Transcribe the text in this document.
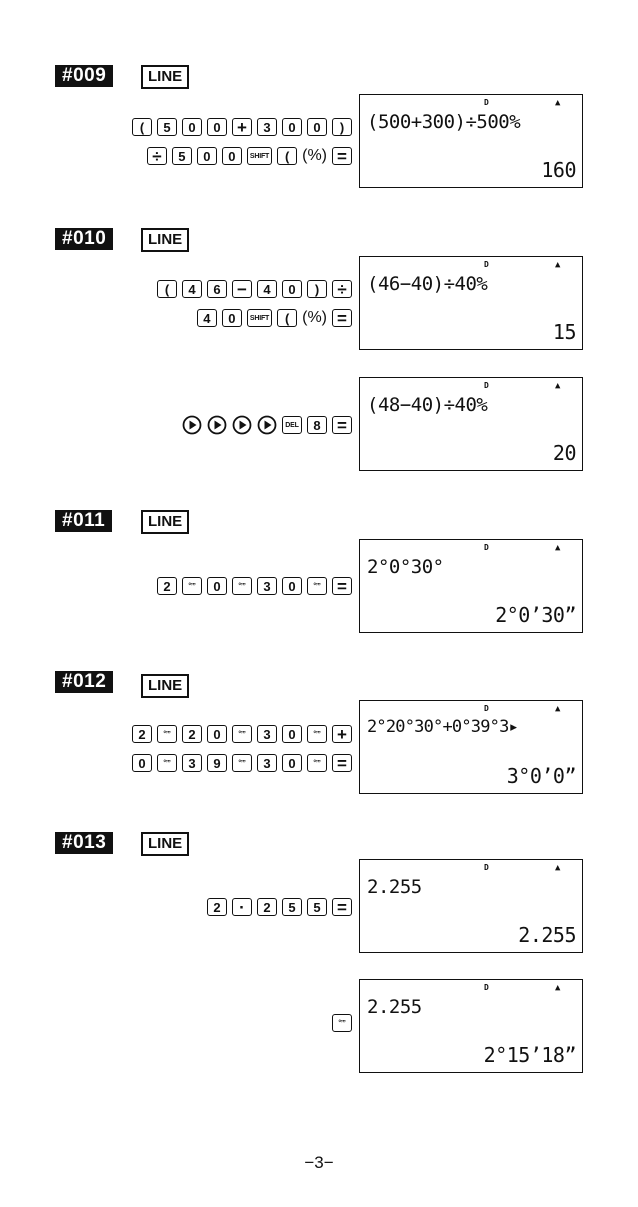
#009	LINE
(	5	0	0 +	3	0	0	)
÷	5	0	0	SHIFT	( (%) =
D	▲
(500+300)÷500%
160
#010	LINE
(	4	6 −	4	0	)	÷
4	0	SHIFT	( (%) =
D	▲
(46−40)÷40%
15
DEL	8 =
D	▲
(48−40)÷40%
20
#011	LINE
2	°’’’	0	°’’’	3	0	°’’’ =
D	▲
2°0°30°
2°0’30”
#012	LINE
2	°’’’	2	0	°’’’	3	0	°’’’ +
0	°’’’	3	9	°’’’	3	0	°’’’ =
D	▲
2°20°30°+0°39°3▸
3°0’0”
#013	LINE
2	·	2	5	5 =
D	▲
2.255
2.255
°’’’
D	▲
2.255
2°15’18”
−3−
